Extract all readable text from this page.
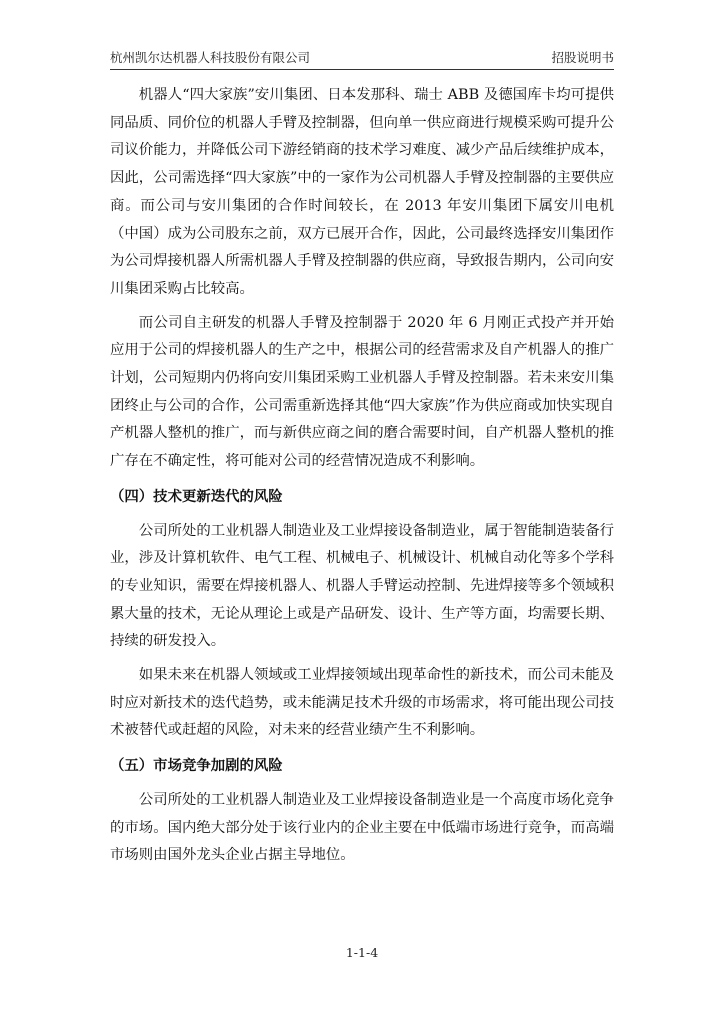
杭州凯尔达机器人科技股份有限公司	招股说明书

机器人“四大家族”安川集团、日本发那科、瑞士 ABB 及德国库卡均可提供同品质、同价位的机器人手臂及控制器，但向单一供应商进行规模采购可提升公司议价能力，并降低公司下游经销商的技术学习难度、减少产品后续维护成本，因此，公司需选择“四大家族”中的一家作为公司机器人手臂及控制器的主要供应商。而公司与安川集团的合作时间较长，在 2013 年安川集团下属安川电机（中国）成为公司股东之前，双方已展开合作，因此，公司最终选择安川集团作为公司焊接机器人所需机器人手臂及控制器的供应商，导致报告期内，公司向安川集团采购占比较高。

而公司自主研发的机器人手臂及控制器于 2020 年 6 月刚正式投产并开始应用于公司的焊接机器人的生产之中，根据公司的经营需求及自产机器人的推广计划，公司短期内仍将向安川集团采购工业机器人手臂及控制器。若未来安川集团终止与公司的合作，公司需重新选择其他“四大家族”作为供应商或加快实现自产机器人整机的推广，而与新供应商之间的磨合需要时间，自产机器人整机的推广存在不确定性，将可能对公司的经营情况造成不利影响。

（四）技术更新迭代的风险

公司所处的工业机器人制造业及工业焊接设备制造业，属于智能制造装备行业，涉及计算机软件、电气工程、机械电子、机械设计、机械自动化等多个学科的专业知识，需要在焊接机器人、机器人手臂运动控制、先进焊接等多个领域积累大量的技术，无论从理论上或是产品研发、设计、生产等方面，均需要长期、持续的研发投入。

如果未来在机器人领域或工业焊接领域出现革命性的新技术，而公司未能及时应对新技术的迭代趋势，或未能满足技术升级的市场需求，将可能出现公司技术被替代或赶超的风险，对未来的经营业绩产生不利影响。

（五）市场竞争加剧的风险

公司所处的工业机器人制造业及工业焊接设备制造业是一个高度市场化竞争的市场。国内绝大部分处于该行业内的企业主要在中低端市场进行竞争，而高端市场则由国外龙头企业占据主导地位。

1-1-4
